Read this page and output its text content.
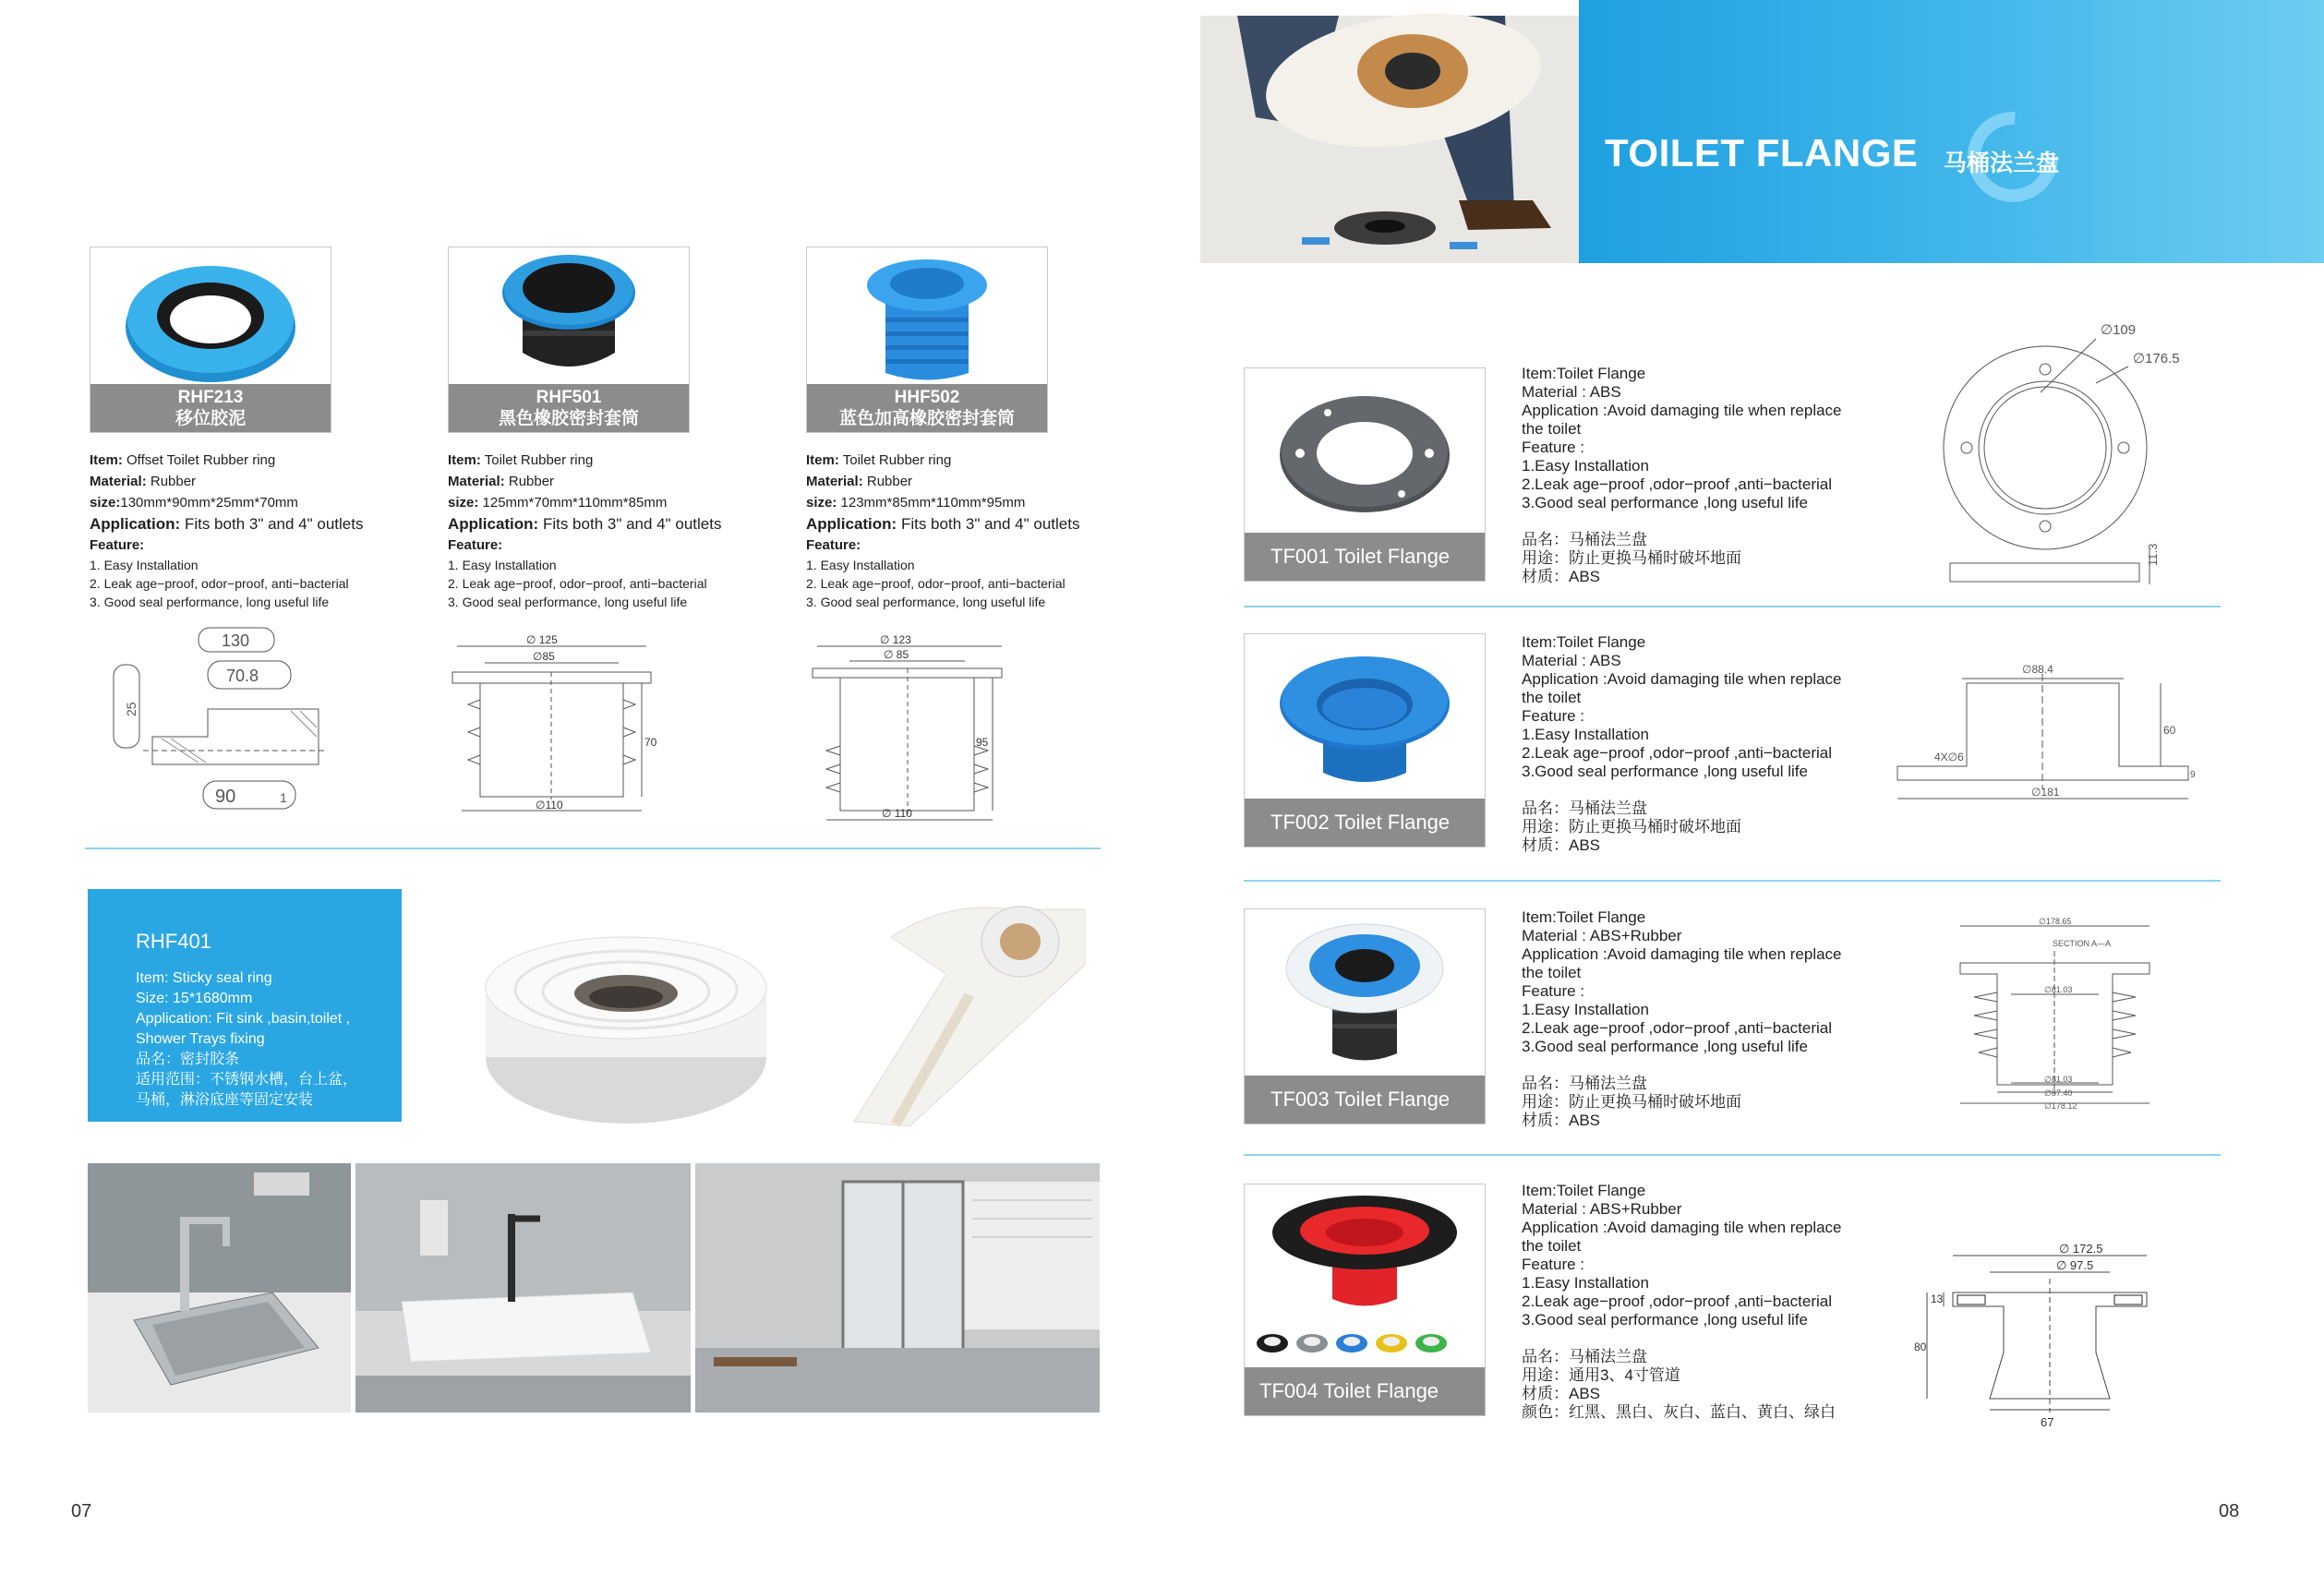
TOILET FLANGE 马桶法兰盘
RHF213
移位胶泥
RHF501
黑色橡胶密封套筒
HHF502
蓝色加高橡胶密封套筒
Item: Offset Toilet Rubber ring
Material: Rubber
size:130mm*90mm*25mm*70mm
Application: Fits both 3" and 4" outlets
Feature:
1. Easy Installation
2. Leak age−proof, odor−proof, anti−bacterial
3. Good seal performance, long useful life
Item: Toilet Rubber ring
Material: Rubber
size: 125mm*70mm*110mm*85mm
Application: Fits both 3" and 4" outlets
Feature:
1. Easy Installation
2. Leak age−proof, odor−proof, anti−bacterial
3. Good seal performance, long useful life
Item: Toilet Rubber ring
Material: Rubber
size: 123mm*85mm*110mm*95mm
Application: Fits both 3" and 4" outlets
Feature:
1. Easy Installation
2. Leak age−proof, odor−proof, anti−bacterial
3. Good seal performance, long useful life
130
70.8
25
90	1
∅ 125
∅85
70
∅110
∅ 123
∅ 85
95
∅ 110
RHF401
Item: Sticky seal ring
Size: 15*1680mm
Application: Fit sink ,basin,toilet ,
Shower Trays fixing
品名：密封胶条
适用范围：不锈钢水槽，台上盆，
马桶，淋浴底座等固定安装
TF001 Toilet Flange
Item:Toilet Flange
Material : ABS
Application :Avoid damaging tile when replace
the toilet
Feature :
1.Easy Installation
2.Leak age−proof ,odor−proof ,anti−bacterial
3.Good seal performance ,long useful life
品名：马桶法兰盘
用途：防止更换马桶时破坏地面
材质：ABS
∅109
∅176.5
11.3
TF002 Toilet Flange
Item:Toilet Flange
Material : ABS
Application :Avoid damaging tile when replace
the toilet
Feature :
1.Easy Installation
2.Leak age−proof ,odor−proof ,anti−bacterial
3.Good seal performance ,long useful life
品名：马桶法兰盘
用途：防止更换马桶时破坏地面
材质：ABS
∅88.4
60
4X∅6
9
∅181
TF003 Toilet Flange
Item:Toilet Flange
Material : ABS+Rubber
Application :Avoid damaging tile when replace
the toilet
Feature :
1.Easy Installation
2.Leak age−proof ,odor−proof ,anti−bacterial
3.Good seal performance ,long useful life
品名：马桶法兰盘
用途：防止更换马桶时破坏地面
材质：ABS
∅178.65
SECTION A—A
∅81.03
∅81.03
∅87.40
∅178.12
TF004 Toilet Flange
Item:Toilet Flange
Material : ABS+Rubber
Application :Avoid damaging tile when replace
the toilet
Feature :
1.Easy Installation
2.Leak age−proof ,odor−proof ,anti−bacterial
3.Good seal performance ,long useful life
品名：马桶法兰盘
用途：通用3、4寸管道
材质：ABS
颜色：红黑、黑白、灰白、蓝白、黄白、绿白
∅ 172.5
∅ 97.5
13
80
67
07	08
